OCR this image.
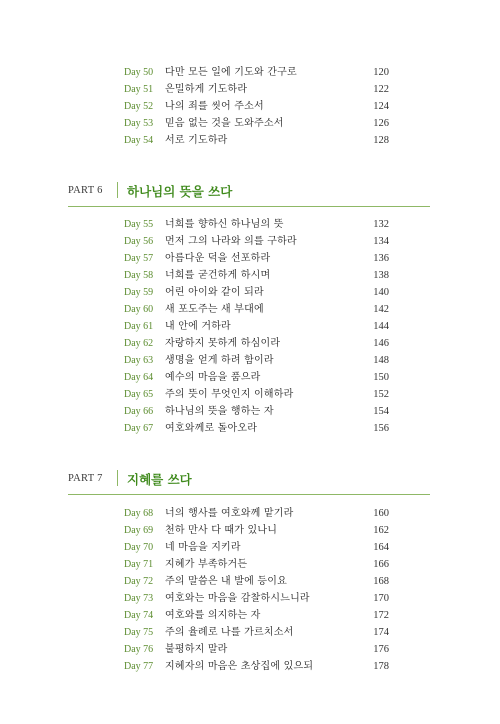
Day 50	다만 모든 일에 기도와 간구로	120
Day 51	은밀하게 기도하라	122
Day 52	나의 죄를 씻어 주소서	124
Day 53	믿음 없는 것을 도와주소서	126
Day 54	서로 기도하라	128
PART 6 하나님의 뜻을 쓰다
Day 55	너희를 향하신 하나님의 뜻	132
Day 56	먼저 그의 나라와 의를 구하라	134
Day 57	아름다운 덕을 선포하라	136
Day 58	너희를 굳건하게 하시며	138
Day 59	어린 아이와 같이 되라	140
Day 60	새 포도주는 새 부대에	142
Day 61	내 안에 거하라	144
Day 62	자랑하지 못하게 하심이라	146
Day 63	생명을 얻게 하려 함이라	148
Day 64	예수의 마음을 품으라	150
Day 65	주의 뜻이 무엇인지 이해하라	152
Day 66	하나님의 뜻을 행하는 자	154
Day 67	여호와께로 돌아오라	156
PART 7 지혜를 쓰다
Day 68	너의 행사를 여호와께 맡기라	160
Day 69	천하 만사 다 때가 있나니	162
Day 70	네 마음을 지키라	164
Day 71	지혜가 부족하거든	166
Day 72	주의 말씀은 내 발에 등이요	168
Day 73	여호와는 마음을 감찰하시느니라	170
Day 74	여호와를 의지하는 자	172
Day 75	주의 율례로 나를 가르치소서	174
Day 76	불평하지 말라	176
Day 77	지혜자의 마음은 초상집에 있으되	178
